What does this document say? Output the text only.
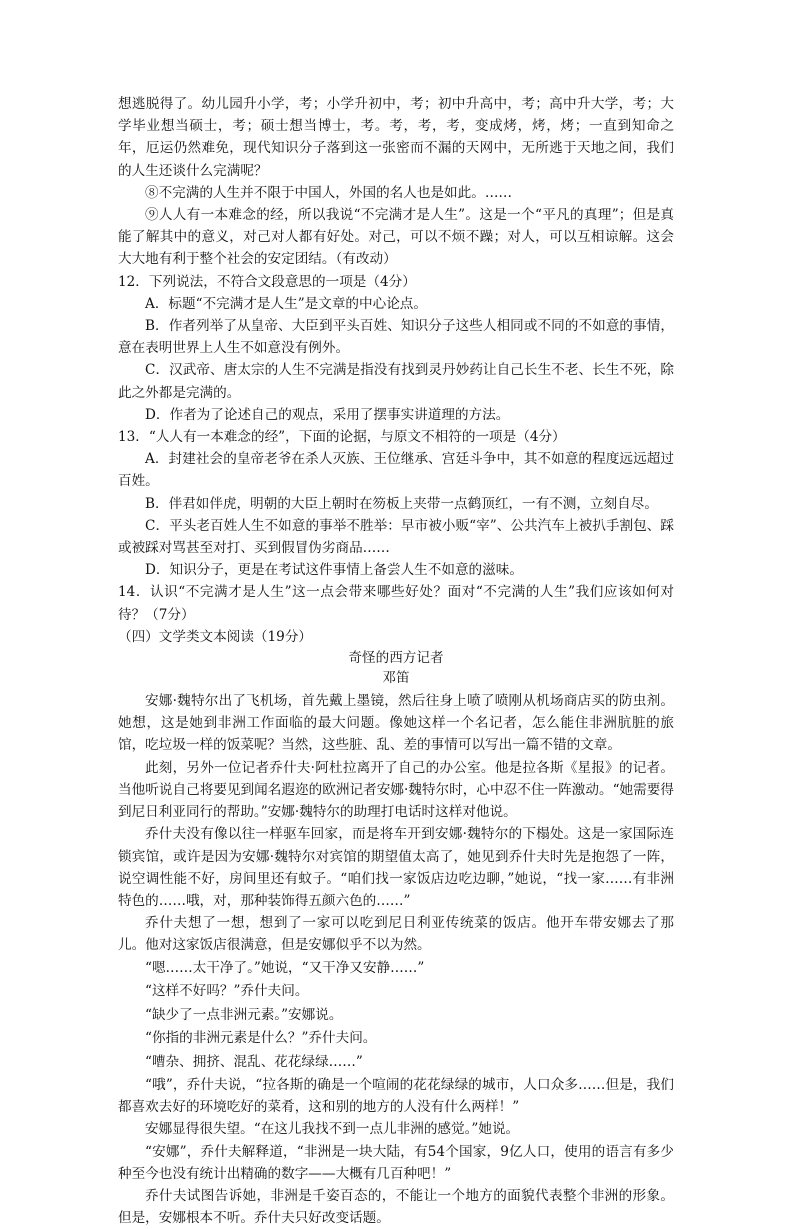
想逃脱得了。幼儿园升小学，考；小学升初中，考；初中升高中，考；高中升大学，考；大学毕业想当硕士，考；硕士想当博士，考。考，考，考，变成烤，烤，烤；一直到知命之年，厄运仍然难免，现代知识分子落到这一张密而不漏的天网中，无所逃于天地之间，我们的人生还谈什么完满呢？

⑧不完满的人生并不限于中国人，外国的名人也是如此。……

⑨人人有一本难念的经，所以我说“不完满才是人生”。这是一个“平凡的真理”；但是真能了解其中的意义，对己对人都有好处。对己，可以不烦不躁；对人，可以互相谅解。这会大大地有利于整个社会的安定团结。（有改动）

12．下列说法，不符合文段意思的一项是（4分）

A．标题“不完满才是人生”是文章的中心论点。

B．作者列举了从皇帝、大臣到平头百姓、知识分子这些人相同或不同的不如意的事情，意在表明世界上人生不如意没有例外。

C．汉武帝、唐太宗的人生不完满是指没有找到灵丹妙药让自己长生不老、长生不死，除此之外都是完满的。

D．作者为了论述自己的观点，采用了摆事实讲道理的方法。

13．“人人有一本难念的经”，下面的论据，与原文不相符的一项是（4分）

A．封建社会的皇帝老爷在杀人灭族、王位继承、宫廷斗争中，其不如意的程度远远超过百姓。

B．伴君如伴虎，明朝的大臣上朝时在笏板上夹带一点鹤顶红，一有不测，立刻自尽。

C．平头老百姓人生不如意的事举不胜举：早市被小贩“宰”、公共汽车上被扒手割包、踩或被踩对骂甚至对打、买到假冒伪劣商品……

D．知识分子，更是在考试这件事情上备尝人生不如意的滋味。

14．认识“不完满才是人生”这一点会带来哪些好处？面对“不完满的人生”我们应该如何对待？（7分）

（四）文学类文本阅读（19分）

奇怪的西方记者

邓笛

安娜·魏特尔出了飞机场，首先戴上墨镜，然后往身上喷了喷刚从机场商店买的防虫剂。她想，这是她到非洲工作面临的最大问题。像她这样一个名记者，怎么能住非洲肮脏的旅馆，吃垃圾一样的饭菜呢？当然，这些脏、乱、差的事情可以写出一篇不错的文章。

此刻，另外一位记者乔什夫·阿杜拉离开了自己的办公室。他是拉各斯《星报》的记者。当他听说自己将要见到闻名遐迩的欧洲记者安娜·魏特尔时，心中忍不住一阵激动。“她需要得到尼日利亚同行的帮助。”安娜·魏特尔的助理打电话时这样对他说。

乔什夫没有像以往一样驱车回家，而是将车开到安娜·魏特尔的下榻处。这是一家国际连锁宾馆，或许是因为安娜·魏特尔对宾馆的期望值太高了，她见到乔什夫时先是抱怨了一阵，说空调性能不好，房间里还有蚊子。“咱们找一家饭店边吃边聊，”她说，“找一家……有非洲特色的……哦，对，那种装饰得五颜六色的……”

乔什夫想了一想，想到了一家可以吃到尼日利亚传统菜的饭店。他开车带安娜去了那儿。他对这家饭店很满意，但是安娜似乎不以为然。

“嗯……太干净了。”她说，“又干净又安静……”

“这样不好吗？”乔什夫问。

“缺少了一点非洲元素。”安娜说。

“你指的非洲元素是什么？”乔什夫问。

“嘈杂、拥挤、混乱、花花绿绿……”

“哦”，乔什夫说，“拉各斯的确是一个喧闹的花花绿绿的城市，人口众多……但是，我们都喜欢去好的环境吃好的菜肴，这和别的地方的人没有什么两样！”

安娜显得很失望。“在这儿我找不到一点儿非洲的感觉。”她说。

“安娜”，乔什夫解释道，“非洲是一块大陆，有54个国家，9亿人口，使用的语言有多少种至今也没有统计出精确的数字——大概有几百种吧！”

乔什夫试图告诉她，非洲是千姿百态的，不能让一个地方的面貌代表整个非洲的形象。但是，安娜根本不听。乔什夫只好改变话题。
